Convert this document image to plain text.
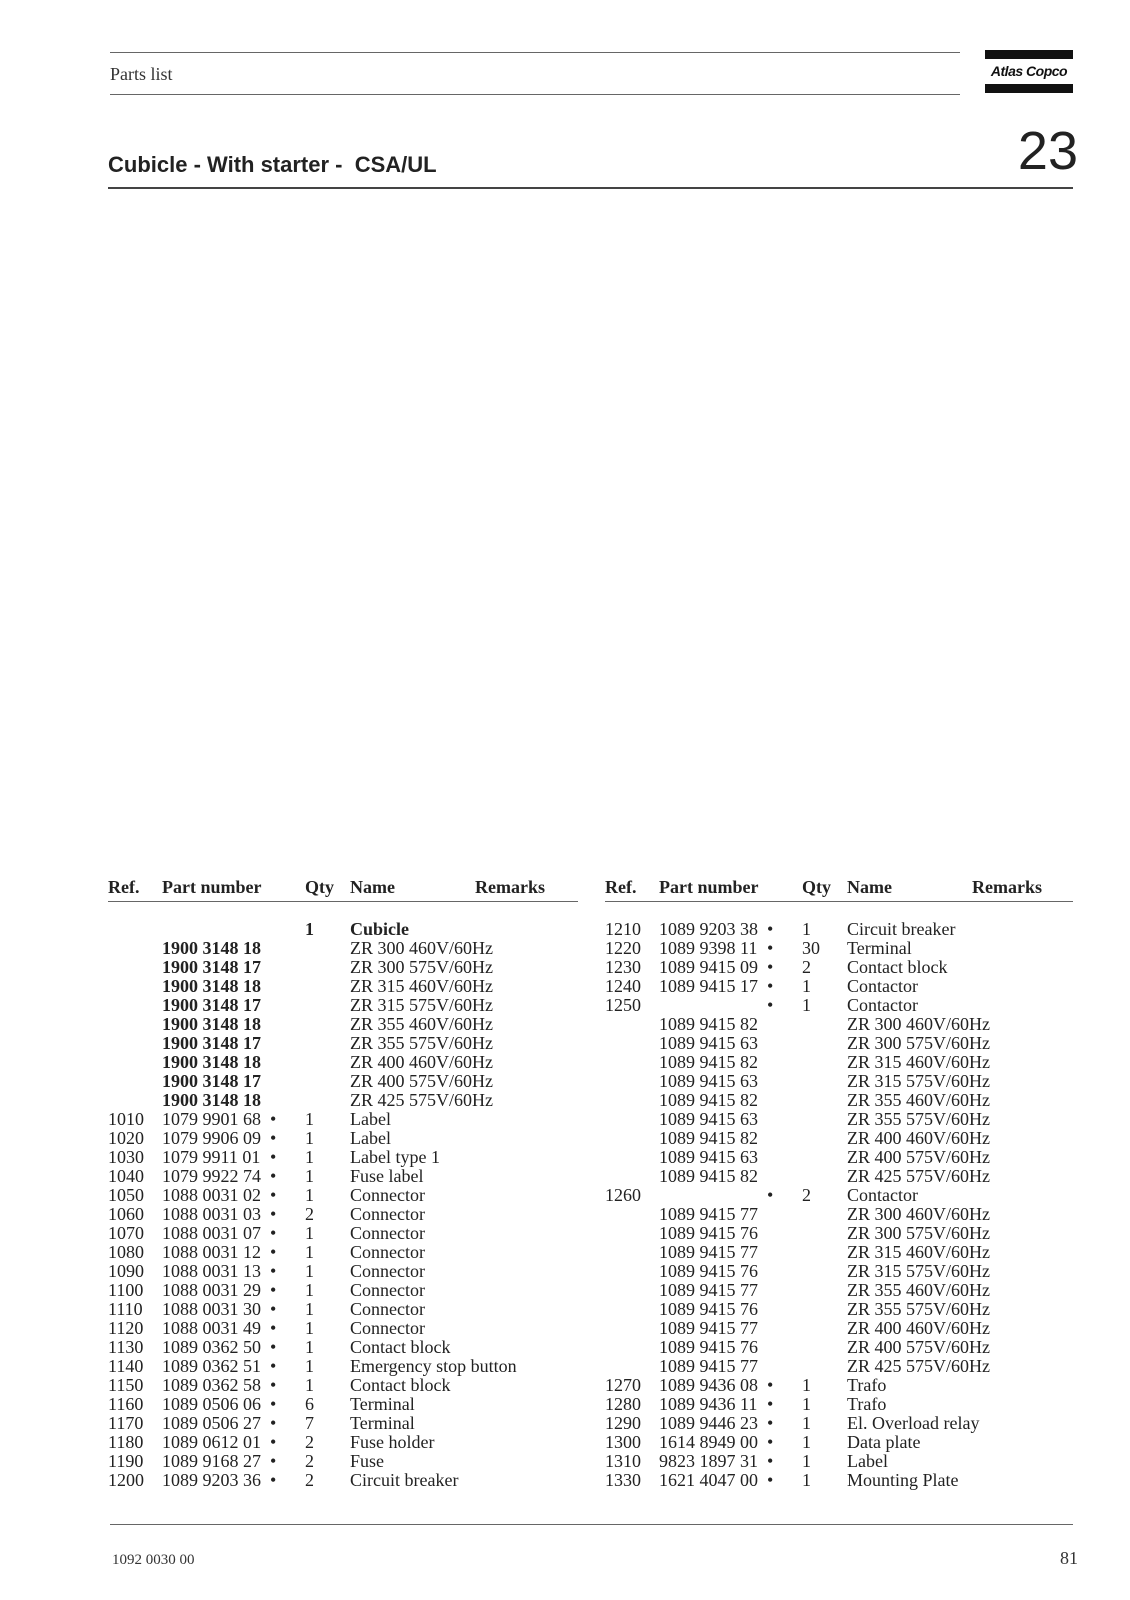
Parts list	Atlas Copco
Cubicle - With starter -  CSA/UL	23
Ref. Part number Qty Name	Remarks
1 Cubicle
1900 3148 18	ZR 300 460V/60Hz
1900 3148 17	ZR 300 575V/60Hz
1900 3148 18	ZR 315 460V/60Hz
1900 3148 17	ZR 315 575V/60Hz
1900 3148 18	ZR 355 460V/60Hz
1900 3148 17	ZR 355 575V/60Hz
1900 3148 18	ZR 400 460V/60Hz
1900 3148 17	ZR 400 575V/60Hz
1900 3148 18	ZR 425 575V/60Hz
1010 1079 9901 68 • 1 Label
1020 1079 9906 09 • 1 Label
1030 1079 9911 01 • 1 Label type 1
1040 1079 9922 74 • 1 Fuse label
1050 1088 0031 02 • 1 Connector
1060 1088 0031 03 • 2 Connector
1070 1088 0031 07 • 1 Connector
1080 1088 0031 12 • 1 Connector
1090 1088 0031 13 • 1 Connector
1100 1088 0031 29 • 1 Connector
1110 1088 0031 30 • 1 Connector
1120 1088 0031 49 • 1 Connector
1130 1089 0362 50 • 1 Contact block
1140 1089 0362 51 • 1 Emergency stop button
1150 1089 0362 58 • 1 Contact block
1160 1089 0506 06 • 6 Terminal
1170 1089 0506 27 • 7 Terminal
1180 1089 0612 01 • 2 Fuse holder
1190 1089 9168 27 • 2 Fuse
1200 1089 9203 36 • 2 Circuit breaker
Ref. Part number Qty Name	Remarks
1210 1089 9203 38 • 1 Circuit breaker
1220 1089 9398 11 • 30 Terminal
1230 1089 9415 09 • 2 Contact block
1240 1089 9415 17 • 1 Contactor
1250	• 1 Contactor
1089 9415 82	ZR 300 460V/60Hz
1089 9415 63	ZR 300 575V/60Hz
1089 9415 82	ZR 315 460V/60Hz
1089 9415 63	ZR 315 575V/60Hz
1089 9415 82	ZR 355 460V/60Hz
1089 9415 63	ZR 355 575V/60Hz
1089 9415 82	ZR 400 460V/60Hz
1089 9415 63	ZR 400 575V/60Hz
1089 9415 82	ZR 425 575V/60Hz
1260	• 2 Contactor
1089 9415 77	ZR 300 460V/60Hz
1089 9415 76	ZR 300 575V/60Hz
1089 9415 77	ZR 315 460V/60Hz
1089 9415 76	ZR 315 575V/60Hz
1089 9415 77	ZR 355 460V/60Hz
1089 9415 76	ZR 355 575V/60Hz
1089 9415 77	ZR 400 460V/60Hz
1089 9415 76	ZR 400 575V/60Hz
1089 9415 77	ZR 425 575V/60Hz
1270 1089 9436 08 • 1 Trafo
1280 1089 9436 11 • 1 Trafo
1290 1089 9446 23 • 1 El. Overload relay
1300 1614 8949 00 • 1 Data plate
1310 9823 1897 31 • 1 Label
1330 1621 4047 00 • 1 Mounting Plate
1092 0030 00	81
